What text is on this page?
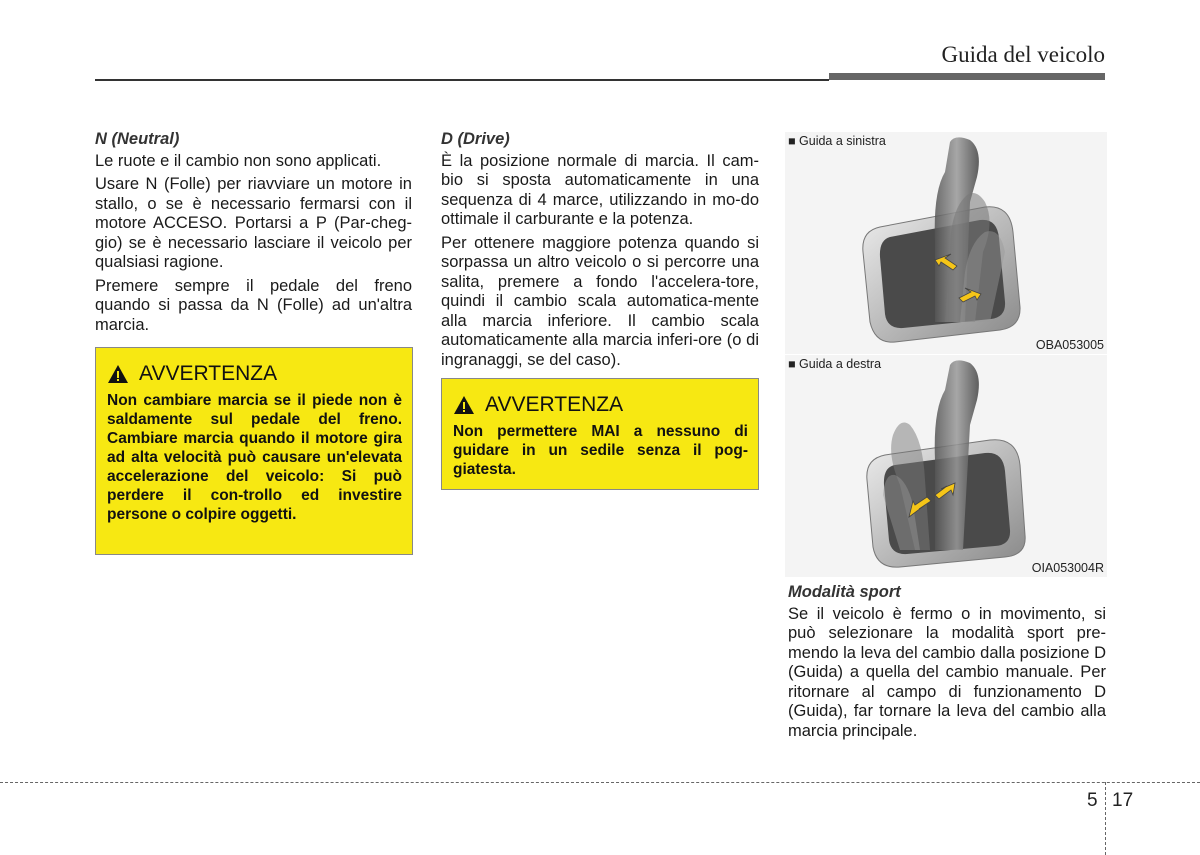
Guida del veicolo

N (Neutral)

Le ruote e il cambio non sono applicati.

Usare N (Folle) per riavviare un motore in stallo, o se è necessario fermarsi con il motore ACCESO. Portarsi a P (Par-cheg-gio) se è necessario lasciare il veicolo per qualsiasi ragione.

Premere sempre il pedale del freno quando si passa da N (Folle) ad un'altra marcia.

AVVERTENZA
Non cambiare marcia se il piede non è saldamente sul pedale del freno. Cambiare marcia quando il motore gira ad alta velocità può causare un'elevata accelerazione del veicolo: Si può perdere il con-trollo ed investire persone o colpire oggetti.

D (Drive)

È la posizione normale di marcia. Il cam-bio si sposta automaticamente in una sequenza di 4 marce, utilizzando in mo-do ottimale il carburante e la potenza.

Per ottenere maggiore potenza quando si sorpassa un altro veicolo o si percorre una salita, premere a fondo l'accelera-tore, quindi il cambio scala automatica-mente alla marcia inferiore. Il cambio scala automaticamente alla marcia inferi-ore (o di ingranaggi, se del caso).

AVVERTENZA
Non permettere MAI a nessuno di guidare in un sedile senza il pog-giatesta.
■ Guida a sinistra
OBA053005
■ Guida a destra
OIA053004R

Modalità sport

Se il veicolo è fermo o in movimento, si può selezionare la modalità sport pre-mendo la leva del cambio dalla posizione D (Guida) a quella del cambio manuale. Per ritornare al campo di funzionamento D (Guida), far tornare la leva del cambio alla marcia principale.

5 17
